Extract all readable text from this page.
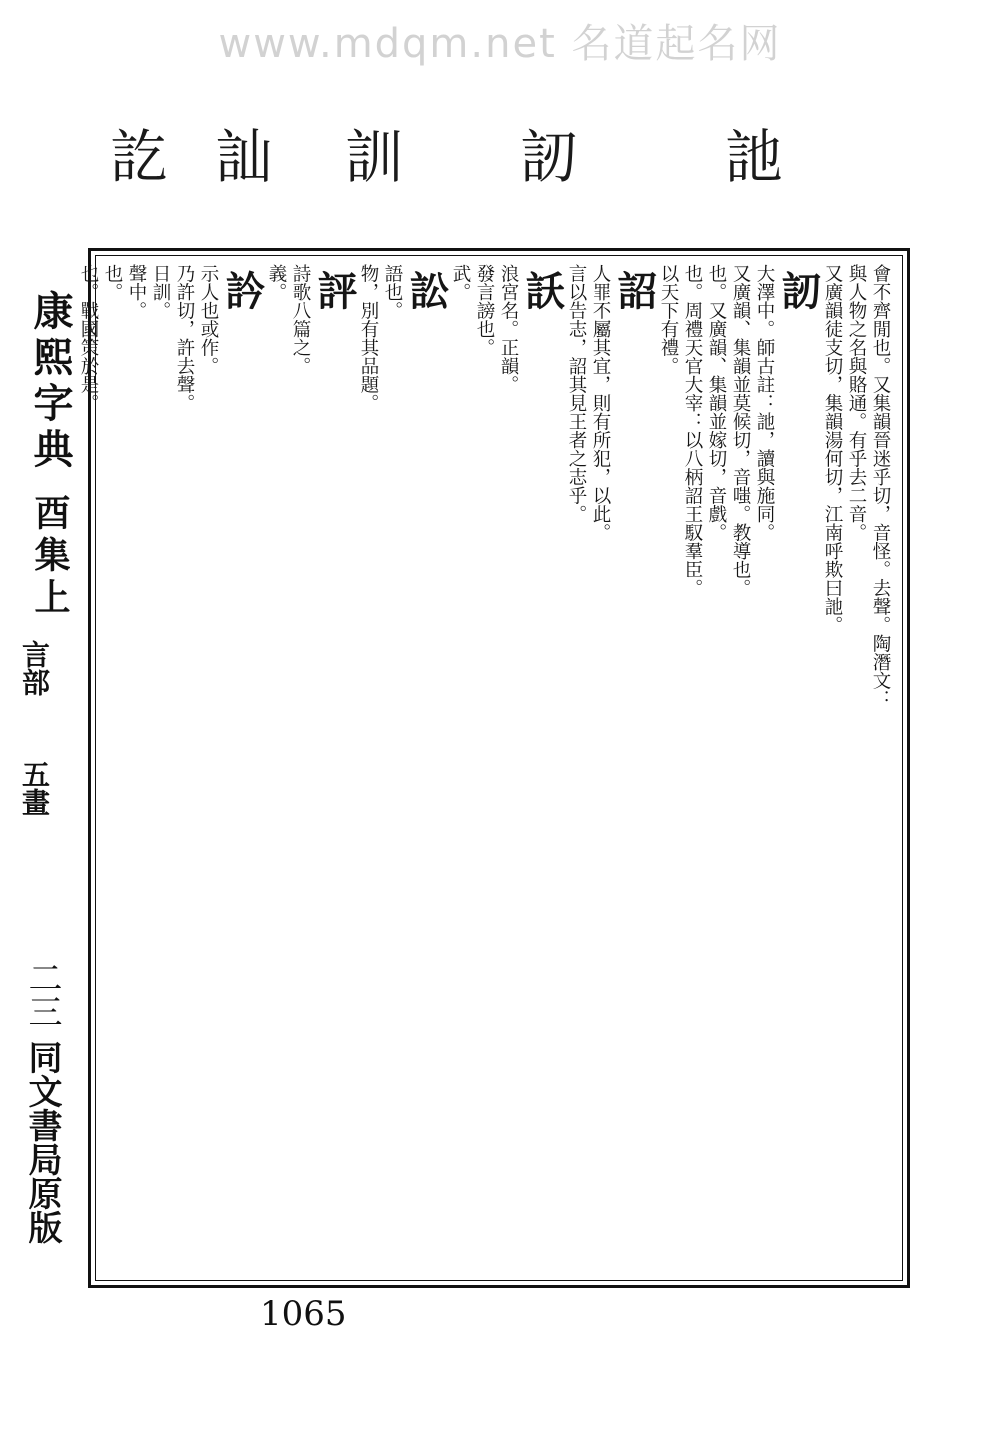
www.mdqm.net 名道起名网
訑
訒
訓
訕
訖
康熙字典 酉集上
言部
五畫
二三
同文書局原版
會不齊閒也。又集韻晉迷乎切，音怪。去聲。陶潛文：
與人物之名與賂通。有乎去二音。
又廣韻徒支切，集韻湯何切，江南呼欺曰訑。
訒
大澤中。師古註：訑，讀與施同。
又廣韻、集韻並莫候切，音嗤。教導也。
也。又廣韻、集韻並嫁切，音戲。
也。周禮天官大宰：以八柄詔王馭羣臣。
以天下有禮。
詔
人罪不屬其宜，則有所犯，以此。
言以告志，詔其見王者之志乎。
訞
浪宮名。正韻。
發言謗也。
武。
訟
語也。
物，別有其品題。
評
詩歌八篇之。
義。
訡
示人也或作。
乃許切，許去聲。
日訓。
聲中。
也。
也。戰國策於是。
1065
